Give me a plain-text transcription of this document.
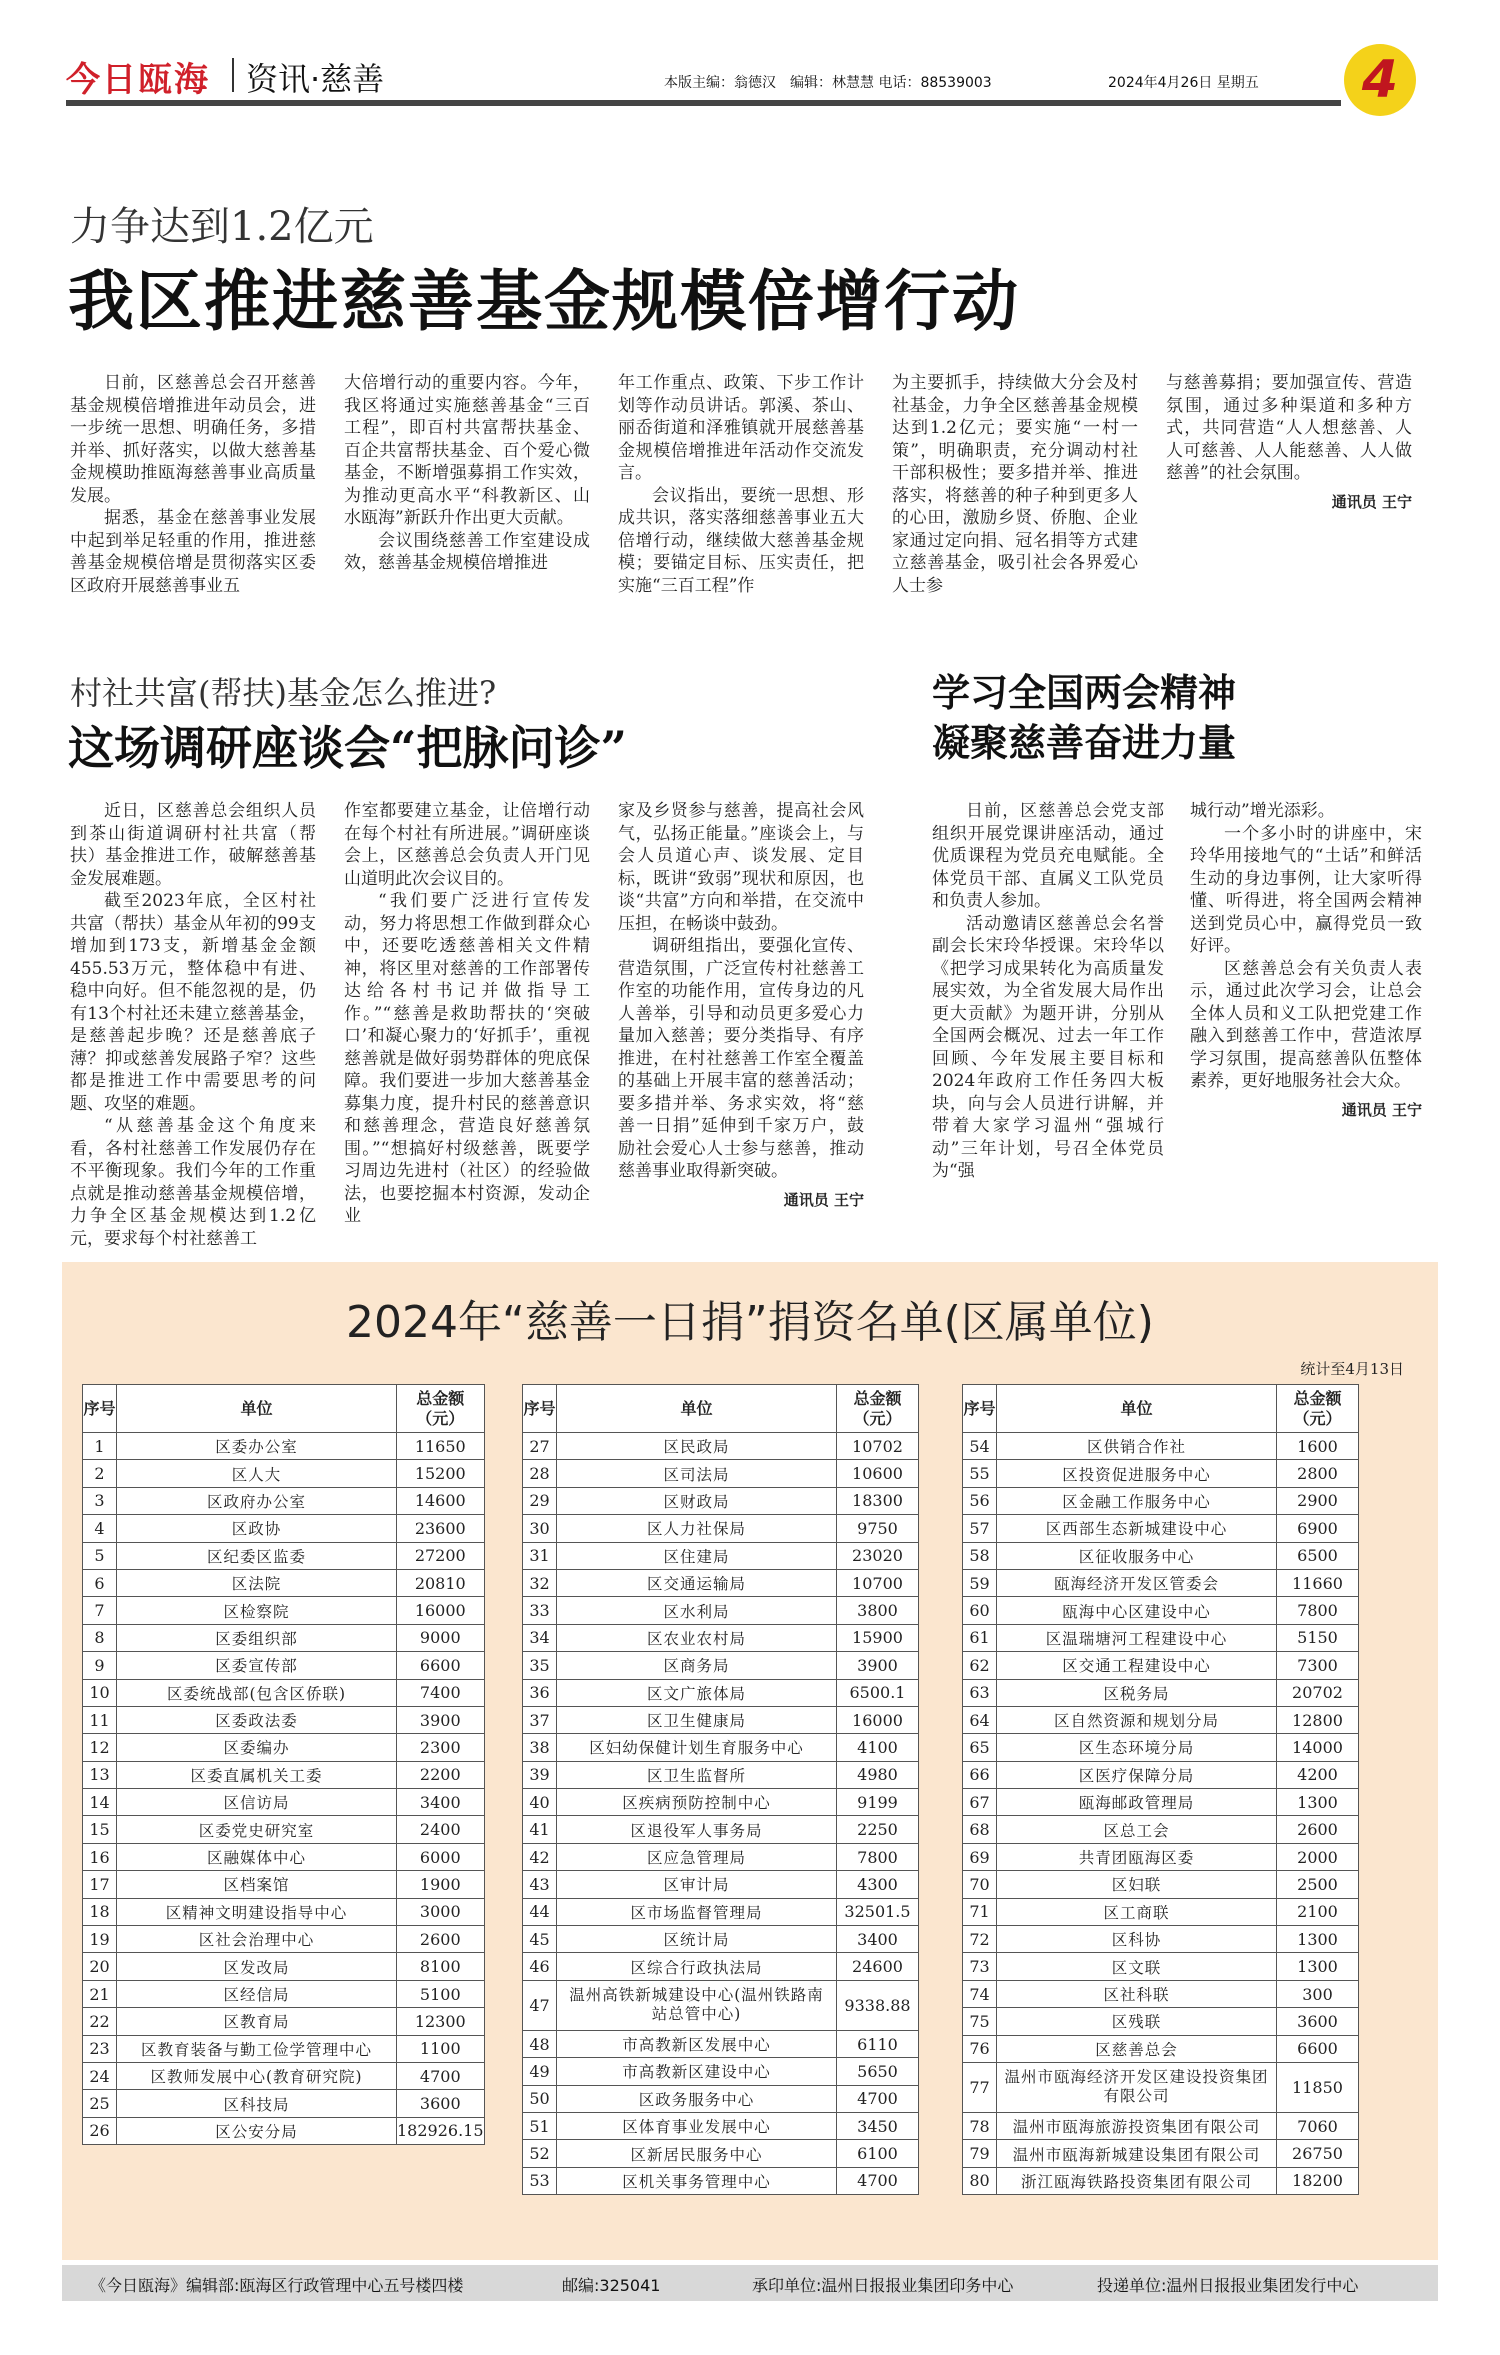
今日瓯海 资讯·慈善	本版主编：翁德汉　编辑：林慧慧 电话：88539003	2024年4月26日 星期五	4
力争达到1.2亿元
我区推进慈善基金规模倍增行动

日前，区慈善总会召开慈善基金规模倍增推进年动员会，进一步统一思想、明确任务，多措并举、抓好落实，以做大慈善基金规模助推瓯海慈善事业高质量发展。

据悉，基金在慈善事业发展中起到举足轻重的作用，推进慈善基金规模倍增是贯彻落实区委区政府开展慈善事业五

大倍增行动的重要内容。今年，我区将通过实施慈善基金“三百工程”，即百村共富帮扶基金、百企共富帮扶基金、百个爱心微基金，不断增强募捐工作实效，为推动更高水平“科教新区、山水瓯海”新跃升作出更大贡献。

会议围绕慈善工作室建设成效，慈善基金规模倍增推进

年工作重点、政策、下步工作计划等作动员讲话。郭溪、茶山、丽岙街道和泽雅镇就开展慈善基金规模倍增推进年活动作交流发言。

会议指出，要统一思想、形成共识，落实落细慈善事业五大倍增行动，继续做大慈善基金规模；要锚定目标、压实责任，把实施“三百工程”作

为主要抓手，持续做大分会及村社基金，力争全区慈善基金规模达到1.2亿元；要实施“一村一策”，明确职责，充分调动村社干部积极性；要多措并举、推进落实，将慈善的种子种到更多人的心田，激励乡贤、侨胞、企业家通过定向捐、冠名捐等方式建立慈善基金，吸引社会各界爱心人士参

与慈善募捐；要加强宣传、营造氛围，通过多种渠道和多种方式，共同营造“人人想慈善、人人可慈善、人人能慈善、人人做慈善”的社会氛围。

通讯员 王宁

村社共富(帮扶)基金怎么推进?
这场调研座谈会“把脉问诊”

近日，区慈善总会组织人员到茶山街道调研村社共富（帮扶）基金推进工作，破解慈善基金发展难题。

截至2023年底，全区村社共富（帮扶）基金从年初的99支增加到173支，新增基金金额455.53万元，整体稳中有进、稳中向好。但不能忽视的是，仍有13个村社还未建立慈善基金，是慈善起步晚？还是慈善底子薄？抑或慈善发展路子窄？这些都是推进工作中需要思考的问题、攻坚的难题。

“从慈善基金这个角度来看，各村社慈善工作发展仍存在不平衡现象。我们今年的工作重点就是推动慈善基金规模倍增，力争全区基金规模达到1.2亿元，要求每个村社慈善工

作室都要建立基金，让倍增行动在每个村社有所进展。”调研座谈会上，区慈善总会负责人开门见山道明此次会议目的。

“我们要广泛进行宣传发动，努力将思想工作做到群众心中，还要吃透慈善相关文件精神，将区里对慈善的工作部署传达给各村书记并做指导工作。”“慈善是救助帮扶的‘突破口’和凝心聚力的‘好抓手’，重视慈善就是做好弱势群体的兜底保障。我们要进一步加大慈善基金募集力度，提升村民的慈善意识和慈善理念，营造良好慈善氛围。”“想搞好村级慈善，既要学习周边先进村（社区）的经验做法，也要挖掘本村资源，发动企业

家及乡贤参与慈善，提高社会风气，弘扬正能量。”座谈会上，与会人员道心声、谈发展、定目标，既讲“致弱”现状和原因，也谈“共富”方向和举措，在交流中压担，在畅谈中鼓劲。

调研组指出，要强化宣传、营造氛围，广泛宣传村社慈善工作室的功能作用，宣传身边的凡人善举，引导和动员更多爱心力量加入慈善；要分类指导、有序推进，在村社慈善工作室全覆盖的基础上开展丰富的慈善活动；要多措并举、务求实效，将“慈善一日捐”延伸到千家万户，鼓励社会爱心人士参与慈善，推动慈善事业取得新突破。

通讯员 王宁

学习全国两会精神
凝聚慈善奋进力量

日前，区慈善总会党支部组织开展党课讲座活动，通过优质课程为党员充电赋能。全体党员干部、直属义工队党员和负责人参加。

活动邀请区慈善总会名誉副会长宋玲华授课。宋玲华以《把学习成果转化为高质量发展实效，为全省发展大局作出更大贡献》为题开讲，分别从全国两会概况、过去一年工作回顾、今年发展主要目标和2024年政府工作任务四大板块，向与会人员进行讲解，并带着大家学习温州“强城行动”三年计划，号召全体党员为“强

城行动”增光添彩。

一个多小时的讲座中，宋玲华用接地气的“土话”和鲜活生动的身边事例，让大家听得懂、听得进，将全国两会精神送到党员心中，赢得党员一致好评。

区慈善总会有关负责人表示，通过此次学习会，让总会全体人员和义工队把党建工作融入到慈善工作中，营造浓厚学习氛围，提高慈善队伍整体素养，更好地服务社会大众。

通讯员 王宁

2024年“慈善一日捐”捐资名单(区属单位)
统计至4月13日
序号	单位	总金额（元）
1	区委办公室	11650
2	区人大	15200
3	区政府办公室	14600
4	区政协	23600
5	区纪委区监委	27200
6	区法院	20810
7	区检察院	16000
8	区委组织部	9000
9	区委宣传部	6600
10	区委统战部(包含区侨联)	7400
11	区委政法委	3900
12	区委编办	2300
13	区委直属机关工委	2200
14	区信访局	3400
15	区委党史研究室	2400
16	区融媒体中心	6000
17	区档案馆	1900
18	区精神文明建设指导中心	3000
19	区社会治理中心	2600
20	区发改局	8100
21	区经信局	5100
22	区教育局	12300
23	区教育装备与勤工俭学管理中心	1100
24	区教师发展中心(教育研究院)	4700
25	区科技局	3600
26	区公安分局	182926.15
序号	单位	总金额（元）
27	区民政局	10702
28	区司法局	10600
29	区财政局	18300
30	区人力社保局	9750
31	区住建局	23020
32	区交通运输局	10700
33	区水利局	3800
34	区农业农村局	15900
35	区商务局	3900
36	区文广旅体局	6500.1
37	区卫生健康局	16000
38	区妇幼保健计划生育服务中心	4100
39	区卫生监督所	4980
40	区疾病预防控制中心	9199
41	区退役军人事务局	2250
42	区应急管理局	7800
43	区审计局	4300
44	区市场监督管理局	32501.5
45	区统计局	3400
46	区综合行政执法局	24600
47	温州高铁新城建设中心(温州铁路南站总管中心)	9338.88
48	市高教新区发展中心	6110
49	市高教新区建设中心	5650
50	区政务服务中心	4700
51	区体育事业发展中心	3450
52	区新居民服务中心	6100
53	区机关事务管理中心	4700
序号	单位	总金额（元）
54	区供销合作社	1600
55	区投资促进服务中心	2800
56	区金融工作服务中心	2900
57	区西部生态新城建设中心	6900
58	区征收服务中心	6500
59	瓯海经济开发区管委会	11660
60	瓯海中心区建设中心	7800
61	区温瑞塘河工程建设中心	5150
62	区交通工程建设中心	7300
63	区税务局	20702
64	区自然资源和规划分局	12800
65	区生态环境分局	14000
66	区医疗保障分局	4200
67	瓯海邮政管理局	1300
68	区总工会	2600
69	共青团瓯海区委	2000
70	区妇联	2500
71	区工商联	2100
72	区科协	1300
73	区文联	1300
74	区社科联	300
75	区残联	3600
76	区慈善总会	6600
77	温州市瓯海经济开发区建设投资集团有限公司	11850
78	温州市瓯海旅游投资集团有限公司	7060
79	温州市瓯海新城建设集团有限公司	26750
80	浙江瓯海铁路投资集团有限公司	18200
《今日瓯海》编辑部:瓯海区行政管理中心五号楼四楼	邮编:325041	承印单位:温州日报报业集团印务中心	投递单位:温州日报报业集团发行中心
